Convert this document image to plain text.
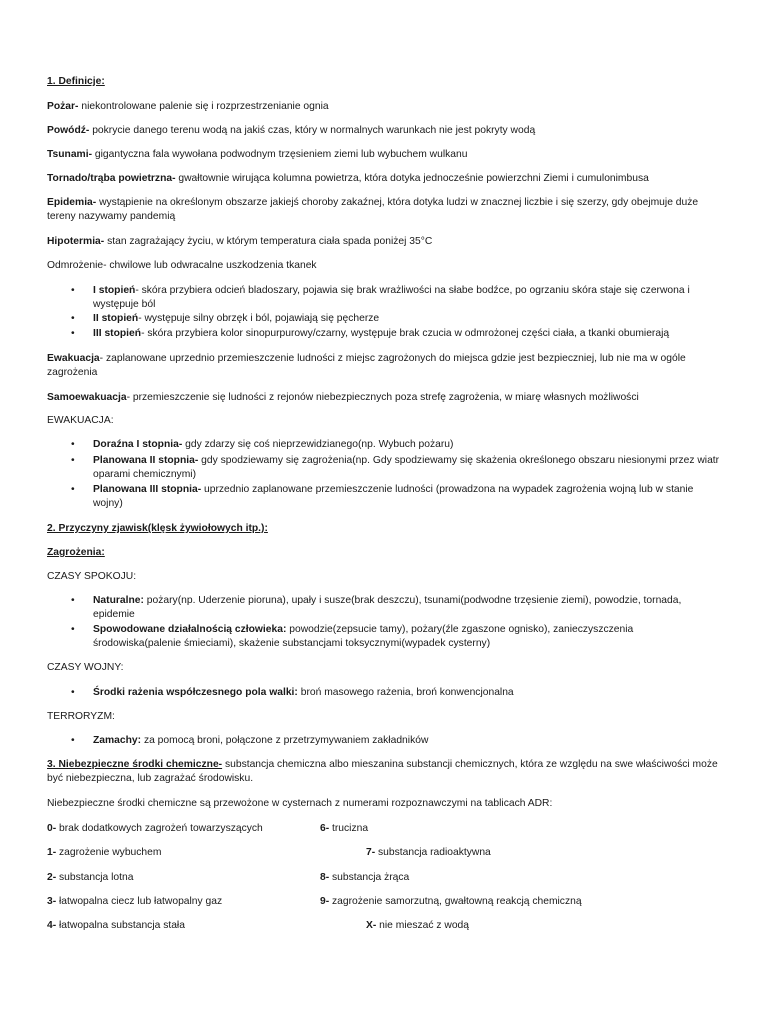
1. Definicje:
Pożar- niekontrolowane palenie się i rozprzestrzenianie ognia
Powódź- pokrycie danego terenu wodą na jakiś czas, który w normalnych warunkach nie jest pokryty wodą
Tsunami- gigantyczna fala wywołana podwodnym trzęsieniem ziemi lub wybuchem wulkanu
Tornado/trąba powietrzna- gwałtownie wirująca kolumna powietrza, która dotyka jednocześnie powierzchni Ziemi i cumulonimbusa
Epidemia- wystąpienie na określonym obszarze jakiejś choroby zakaźnej, która dotyka ludzi w znacznej liczbie i się szerzy, gdy obejmuje duże tereny nazywamy pandemią
Hipotermia- stan zagrażający życiu, w którym temperatura ciała spada poniżej 35°C
Odmrożenie- chwilowe lub odwracalne uszkodzenia tkanek
• I stopień- skóra przybiera odcień bladoszary, pojawia się brak wrażliwości na słabe bodźce, po ogrzaniu skóra staje się czerwona i występuje ból
• II stopień- występuje silny obrzęk i ból, pojawiają się pęcherze
• III stopień- skóra przybiera kolor sinopurpurowy/czarny, występuje brak czucia w odmrożonej części ciała, a tkanki obumierają
Ewakuacja- zaplanowane uprzednio przemieszczenie ludności z miejsc zagrożonych do miejsca gdzie jest bezpieczniej, lub nie ma w ogóle zagrożenia
Samoewakuacja- przemieszczenie się ludności z rejonów niebezpiecznych poza strefę zagrożenia, w miarę własnych możliwości
EWAKUACJA:
• Doraźna I stopnia- gdy zdarzy się coś nieprzewidzianego(np. Wybuch pożaru)
• Planowana II stopnia- gdy spodziewamy się zagrożenia(np. Gdy spodziewamy się skażenia określonego obszaru niesionymi przez wiatr oparami chemicznymi)
• Planowana III stopnia- uprzednio zaplanowane przemieszczenie ludności (prowadzona na wypadek zagrożenia wojną lub w stanie wojny)
2. Przyczyny zjawisk(klęsk żywiołowych itp.):
Zagrożenia:
CZASY SPOKOJU:
• Naturalne: pożary(np. Uderzenie pioruna), upały i susze(brak deszczu), tsunami(podwodne trzęsienie ziemi), powodzie, tornada, epidemie
• Spowodowane działalnością człowieka: powodzie(zepsucie tamy), pożary(źle zgaszone ognisko), zanieczyszczenia środowiska(palenie śmieciami), skażenie substancjami toksycznymi(wypadek cysterny)
CZASY WOJNY:
• Środki rażenia współczesnego pola walki: broń masowego rażenia, broń konwencjonalna
TERRORYZM:
• Zamachy: za pomocą broni, połączone z przetrzymywaniem zakładników
3. Niebezpieczne środki chemiczne- substancja chemiczna albo mieszanina substancji chemicznych, która ze względu na swe właściwości może być niebezpieczna, lub zagrażać środowisku.
Niebezpieczne środki chemiczne są przewożone w cysternach z numerami rozpoznawczymi na tablicach ADR:
0- brak dodatkowych zagrożeń towarzyszących
1- zagrożenie wybuchem
2- substancja lotna
3- łatwopalna ciecz lub łatwopalny gaz
4- łatwopalna substancja stała
6- trucizna
7- substancja radioaktywna
8- substancja żrąca
9- zagrożenie samorzutną, gwałtowną reakcją chemiczną
X- nie mieszać z wodą
